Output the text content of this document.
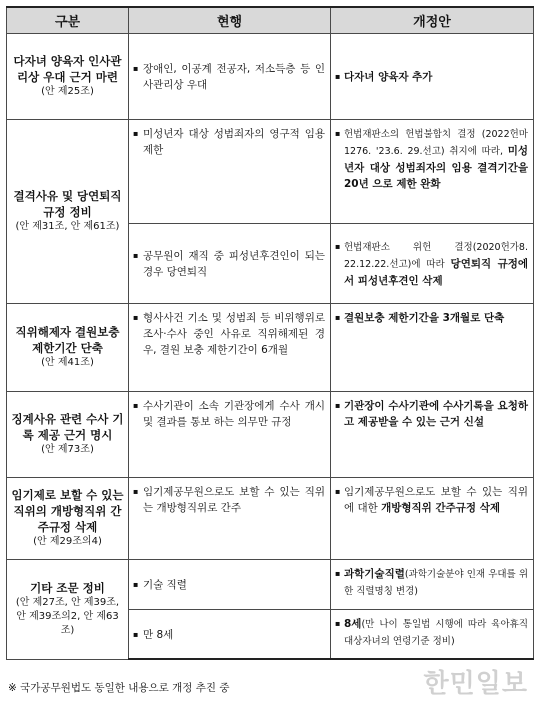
구분	현행	개정안

다자녀 양육자 인사관리상 우대 근거 마련
(안 제25조)	▪ 장애인, 이공계 전공자, 저소득층 등 인사관리상 우대	▪ 다자녀 양육자 추가

결격사유 및 당연퇴직 규정 정비
(안 제31조, 안 제61조)	▪ 미성년자 대상 성범죄자의 영구적 임용 제한	▪ 헌법재판소의 헌법불합치 결정 (2022헌마1276. '23.6. 29.선고) 취지에 따라, 미성년자 대상 성범죄자의 임용 결격기간을 20년 으로 제한 완화

	▪ 공무원이 재직 중 피성년후견인이 되는 경우 당연퇴직	▪ 헌법재판소 위헌 결정(2020헌가8. 22.12.22.선고)에 따라 당연퇴직 규정에서 피성년후견인 삭제

직위해제자 결원보충 제한기간 단축
(안 제41조)	▪ 형사사건 기소 및 성범죄 등 비위행위로 조사·수사 중인 사유로 직위해제된 경우, 결원 보충 제한기간이 6개월	▪ 결원보충 제한기간을 3개월로 단축

징계사유 관련 수사 기록 제공 근거 명시
(안 제73조)	▪ 수사기관이 소속 기관장에게 수사 개시 및 결과를 통보 하는 의무만 규정	▪ 기관장이 수사기관에 수사기록을 요청하고 제공받을 수 있는 근거 신설

임기제로 보할 수 있는 직위의 개방형직위 간주규정 삭제
(안 제29조의4)	▪ 임기제공무원으로도 보할 수 있는 직위는 개방형직위로 간주	▪ 임기제공무원으로도 보할 수 있는 직위에 대한 개방형직위 간주규정 삭제

기타 조문 정비
(안 제27조, 안 제39조, 안 제39조의2, 안 제63조)	▪ 기술 직렬	▪ 과학기술직렬(과학기술분야 인재 우대를 위한 직렬명칭 변경)

	▪ 만 8세	▪ 8세(만 나이 통일법 시행에 따라 육아휴직 대상자녀의 연령기준 정비)
※ 국가공무원법도 동일한 내용으로 개정 추진 중	한민일보
